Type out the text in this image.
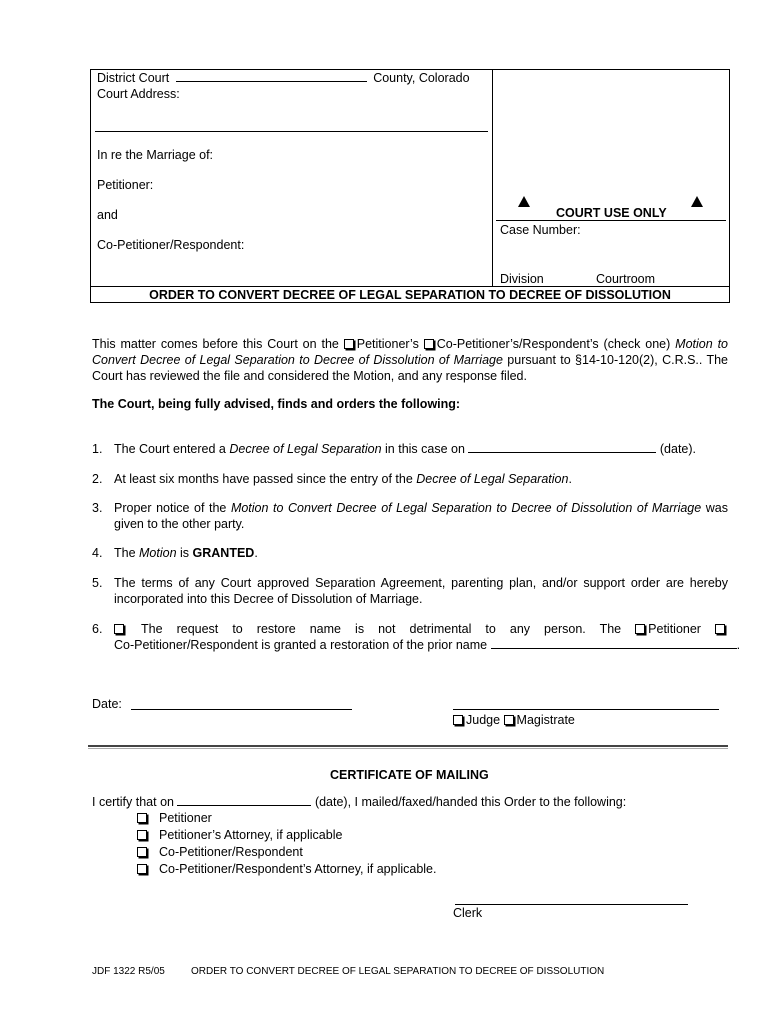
District Court	County, Colorado
Court Address:
In re the Marriage of:
Petitioner:
and
Co-Petitioner/Respondent:
COURT USE ONLY
Case Number:
Division	Courtroom
ORDER TO CONVERT DECREE OF LEGAL SEPARATION TO DECREE OF DISSOLUTION
This matter comes before this Court on the Petitioner’s Co-Petitioner’s/Respondent’s (check one) Motion to Convert Decree of Legal Separation to Decree of Dissolution of Marriage pursuant to §14-10-120(2), C.R.S.. The Court has reviewed the file and considered the Motion, and any response filed.
The Court, being fully advised, finds and orders the following:
1. The Court entered a Decree of Legal Separation in this case on	(date).
2. At least six months have passed since the entry of the Decree of Legal Separation.
3. Proper notice of the Motion to Convert Decree of Legal Separation to Decree of Dissolution of Marriage was given to the other party.
4. The Motion is GRANTED.
5. The terms of any Court approved Separation Agreement, parenting plan, and/or support order are hereby incorporated into this Decree of Dissolution of Marriage.
6.	The request to restore name is not detrimental to any person. The Petitioner
Co-Petitioner/Respondent is granted a restoration of the prior name	.
Date:
Judge Magistrate
CERTIFICATE OF MAILING
I certify that on	(date), I mailed/faxed/handed this Order to the following:
Petitioner
Petitioner’s Attorney, if applicable
Co-Petitioner/Respondent
Co-Petitioner/Respondent’s Attorney, if applicable.
Clerk
JDF 1322 R5/05	ORDER TO CONVERT DECREE OF LEGAL SEPARATION TO DECREE OF DISSOLUTION
